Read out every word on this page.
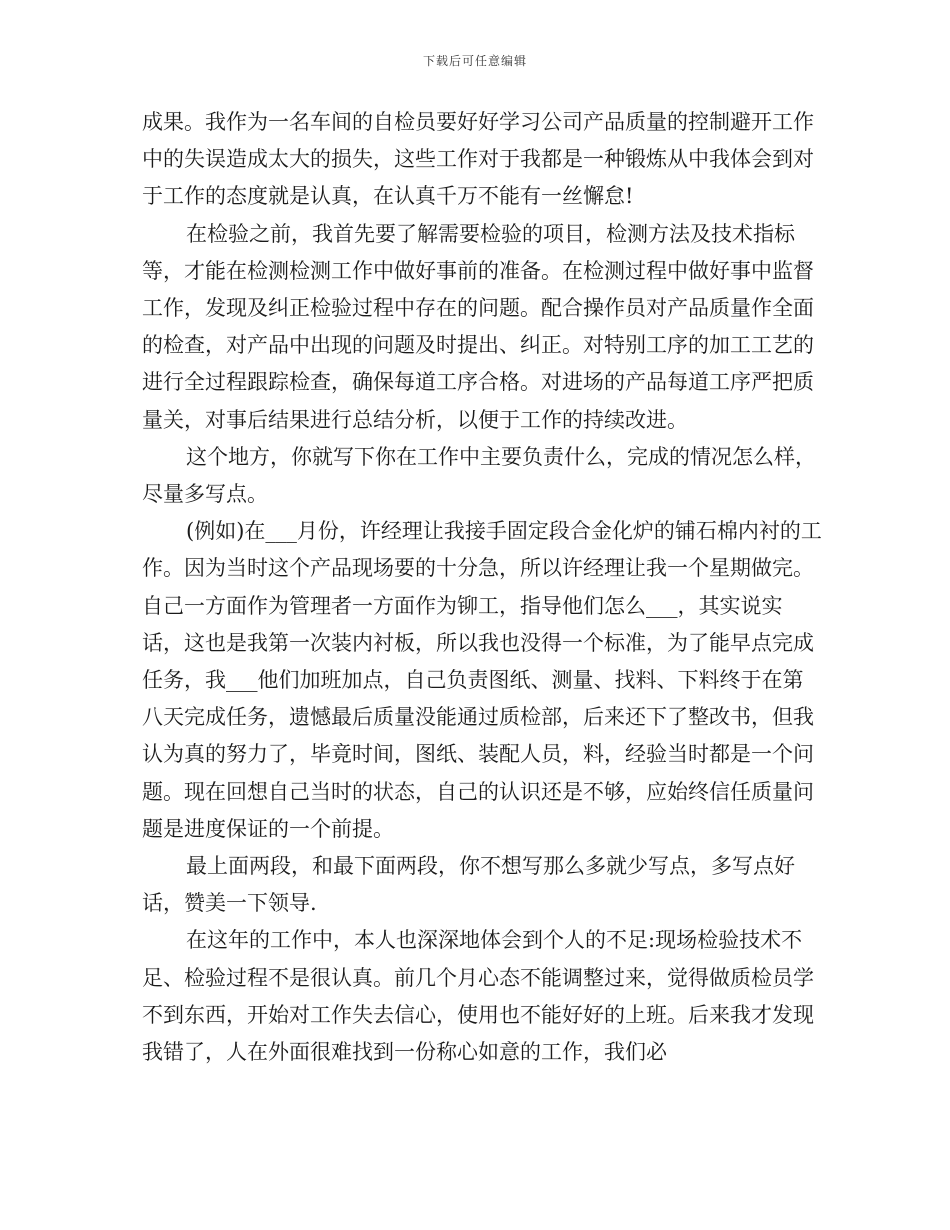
下载后可任意编辑

成果。我作为一名车间的自检员要好好学习公司产品质量的控制避开工作中的失误造成太大的损失，这些工作对于我都是一种锻炼从中我体会到对于工作的态度就是认真，在认真千万不能有一丝懈怠!

在检验之前，我首先要了解需要检验的项目，检测方法及技术指标等，才能在检测检测工作中做好事前的准备。在检测过程中做好事中监督工作，发现及纠正检验过程中存在的问题。配合操作员对产品质量作全面的检查，对产品中出现的问题及时提出、纠正。对特别工序的加工工艺的进行全过程跟踪检查，确保每道工序合格。对进场的产品每道工序严把质量关，对事后结果进行总结分析，以便于工作的持续改进。

这个地方，你就写下你在工作中主要负责什么，完成的情况怎么样，尽量多写点。

(例如)在___月份，许经理让我接手固定段合金化炉的铺石棉内衬的工作。因为当时这个产品现场要的十分急，所以许经理让我一个星期做完。自己一方面作为管理者一方面作为铆工，指导他们怎么___，其实说实话，这也是我第一次装内衬板，所以我也没得一个标准，为了能早点完成任务，我___他们加班加点，自己负责图纸、测量、找料、下料终于在第八天完成任务，遗憾最后质量没能通过质检部，后来还下了整改书，但我认为真的努力了，毕竟时间，图纸、装配人员，料，经验当时都是一个问题。现在回想自己当时的状态，自己的认识还是不够，应始终信任质量问题是进度保证的一个前提。

最上面两段，和最下面两段，你不想写那么多就少写点，多写点好话，赞美一下领导.

在这年的工作中，本人也深深地体会到个人的不足:现场检验技术不足、检验过程不是很认真。前几个月心态不能调整过来，觉得做质检员学不到东西，开始对工作失去信心，使用也不能好好的上班。后来我才发现我错了，人在外面很难找到一份称心如意的工作，我们必
